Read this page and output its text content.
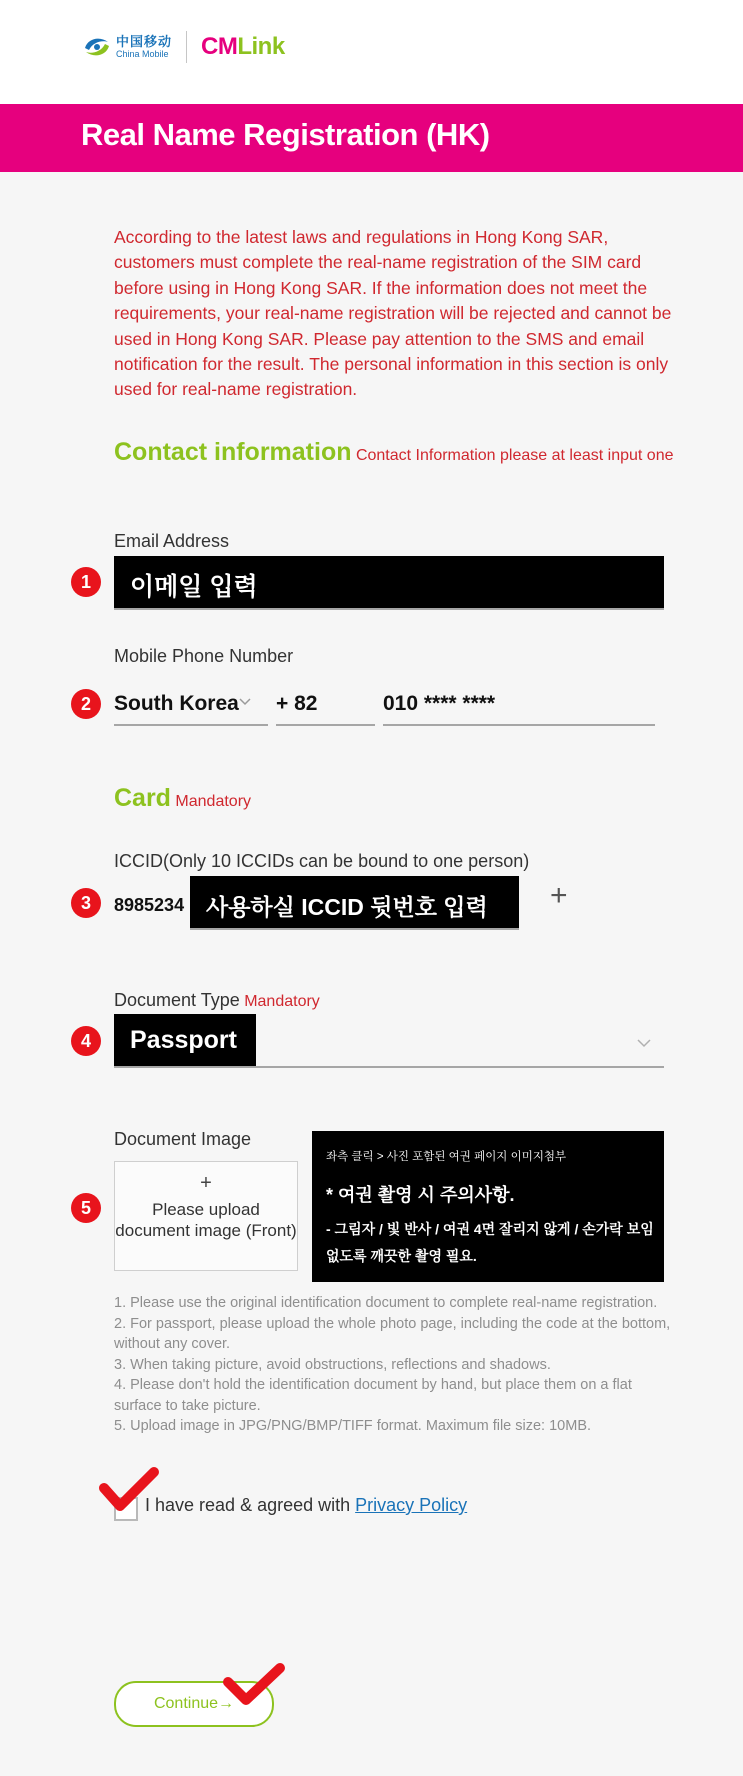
中国移动
China Mobile CMLink
Real Name Registration (HK)
According to the latest laws and regulations in Hong Kong SAR, customers must complete the real-name registration of the SIM card before using in Hong Kong SAR. If the information does not meet the requirements, your real-name registration will be rejected and cannot be used in Hong Kong SAR. Please pay attention to the SMS and email notification for the result. The personal information in this section is only used for real-name registration.
Contact information Contact Information please at least input one
Email Address
1	이메일 입력
Mobile Phone Number
2	South Korea	+ 82	010 **** ****
Card Mandatory
ICCID(Only 10 ICCIDs can be bound to one person)
3	8985234 사용하실 ICCID 뒷번호 입력 +
Document Type Mandatory
4	Passport
Document Image
5
+
Please upload document image (Front)
좌측 클릭 > 사진 포함된 여권 페이지 이미지첨부
* 여권 촬영 시 주의사항.
- 그림자 / 빛 반사 / 여권 4면 잘리지 않게 / 손가락 보임
없도록 깨끗한 촬영 필요.
1. Please use the original identification document to complete real-name registration.
2. For passport, please upload the whole photo page, including the code at the bottom, without any cover.
3. When taking picture, avoid obstructions, reflections and shadows.
4. Please don't hold the identification document by hand, but place them on a flat surface to take picture.
5. Upload image in JPG/PNG/BMP/TIFF format. Maximum file size: 10MB.
I have read & agreed with Privacy Policy
Continue→
